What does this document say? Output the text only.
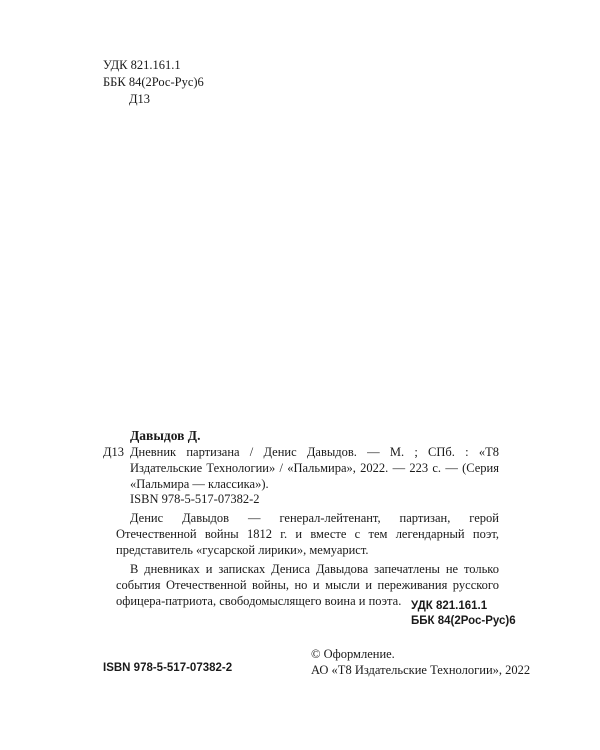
УДК 821.161.1
ББК 84(2Рос-Рус)6
Д13
Давыдов Д.
Д13 Дневник партизана / Денис Давыдов. — М. ; СПб. : «Т8 Издательские Технологии» / «Пальмира», 2022. — 223 с. — (Серия «Пальмира — классика»).
ISBN 978-5-517-07382-2

Денис Давыдов — генерал-лейтенант, партизан, герой Отечественной войны 1812 г. и вместе с тем легендарный поэт, представитель «гусарской лирики», мемуарист.

В дневниках и записках Дениса Давыдова запечатлены не только события Отечественной войны, но и мысли и переживания русского офицера-патриота, свободомыслящего воина и поэта. УДК 821.161.1
ББК 84(2Рос-Рус)6
© Оформление.
ISBN 978-5-517-07382-2	АО «Т8 Издательские Технологии», 2022
